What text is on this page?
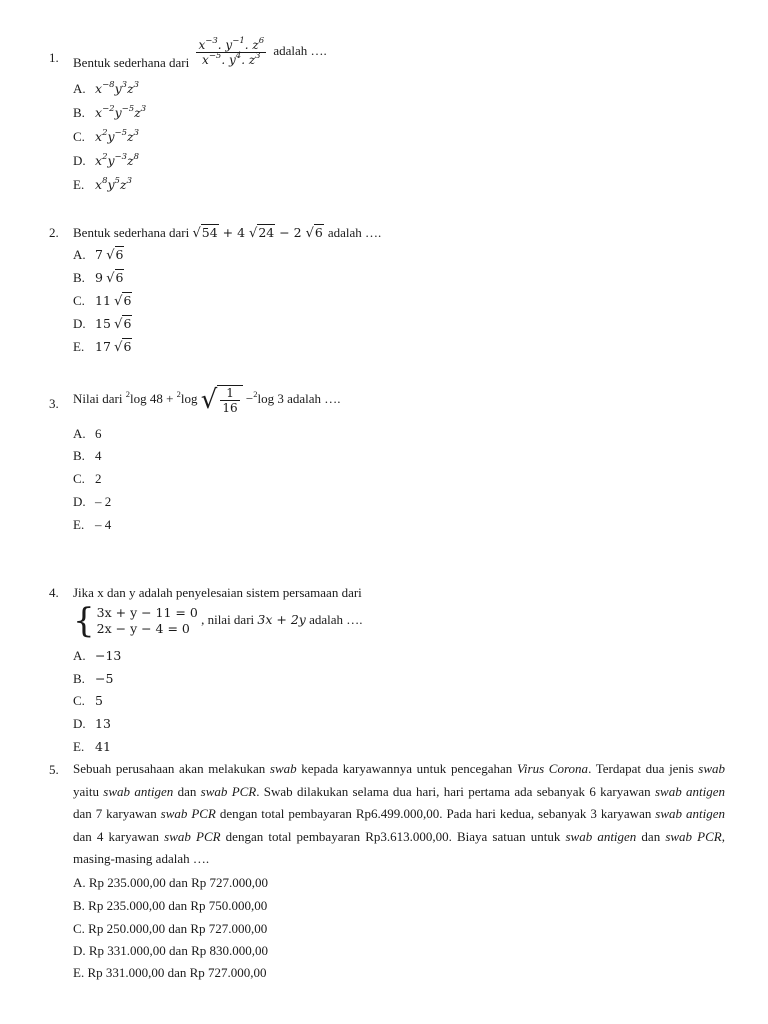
1. Bentuk sederhana dari $\frac{x^{-3}. y^{-1}. z^6}{x^{-5}. y^4. z^3}$ adalah ….
A. $x^{-8}y^3z^3$
B. $x^{-2}y^{-5}z^3$
C. $x^2y^{-5}z^3$
D. $x^2y^{-3}z^8$
E. $x^8y^5z^3$
2. Bentuk sederhana dari √54 + 4 √24 − 2 √6 adalah ….
A. 7 √6
B. 9 √6
C. 11 √6
D. 15 √6
E. 17 √6
3. Nilai dari $^2$log 48 + $^2$log √ $\frac{1}{16} -^2\log$ 3 adalah ….
A. 6
B. 4
C. 2
D. – 2
E. – 4
4. Jika x dan y adalah penyelesaian sistem persamaan dari
{ 3x + y − 11 = 0
2x − y − 4 = 0
, nilai dari 3x + 2y adalah ….
A. −13
B. −5
C. 5
D. 13
E. 41
5. Sebuah perusahaan akan melakukan swab kepada karyawannya untuk pencegahan Virus Corona. Terdapat dua jenis swab yaitu swab antigen dan swab PCR. Swab dilakukan selama dua hari, hari pertama ada sebanyak 6 karyawan swab antigen dan 7 karyawan swab PCR dengan total pembayaran Rp6.499.000,00. Pada hari kedua, sebanyak 3 karyawan swab antigen dan 4 karyawan swab PCR dengan total pembayaran Rp3.613.000,00. Biaya satuan untuk swab antigen dan swab PCR, masing-masing adalah ….
A. Rp 235.000,00 dan Rp 727.000,00
B. Rp 235.000,00 dan Rp 750.000,00
C. Rp 250.000,00 dan Rp 727.000,00
D. Rp 331.000,00 dan Rp 830.000,00
E. Rp 331.000,00 dan Rp 727.000,00
